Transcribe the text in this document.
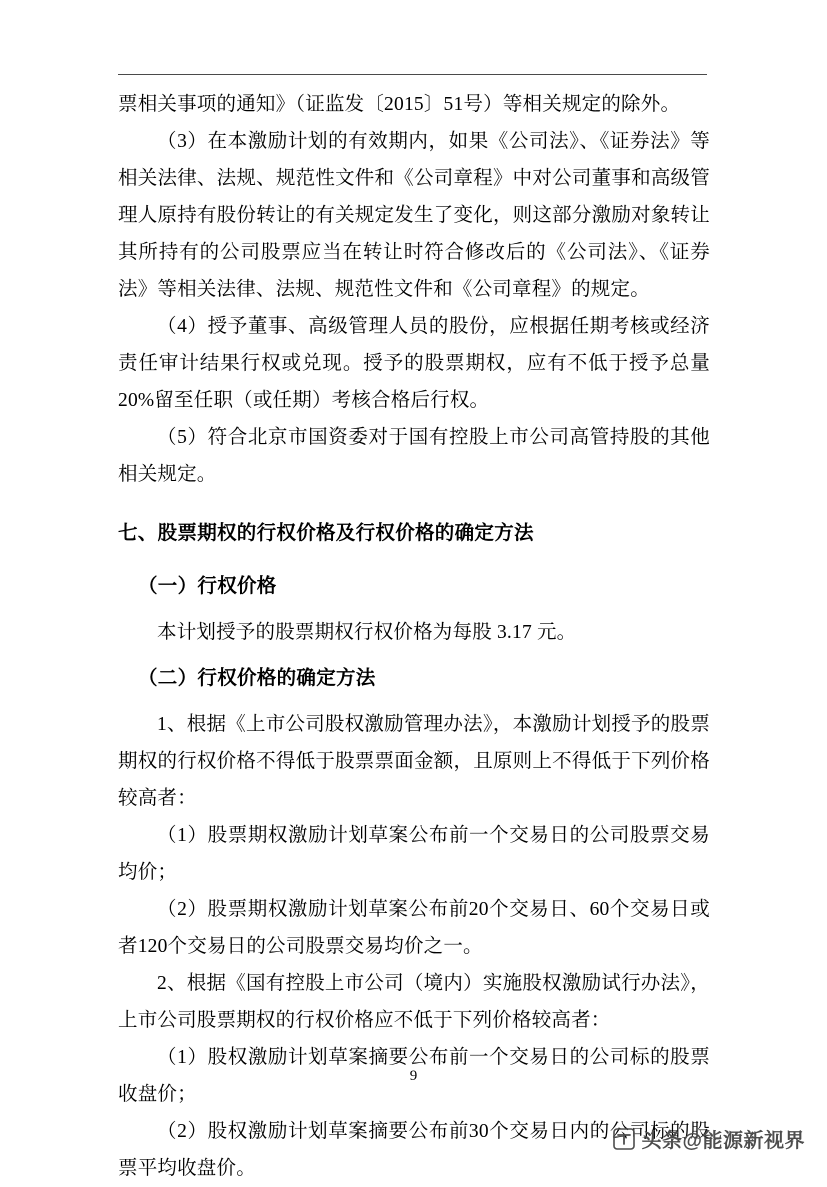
票相关事项的通知》（证监发〔2015〕51号）等相关规定的除外。

（3）在本激励计划的有效期内，如果《公司法》、《证券法》等相关法律、法规、规范性文件和《公司章程》中对公司董事和高级管理人原持有股份转让的有关规定发生了变化，则这部分激励对象转让其所持有的公司股票应当在转让时符合修改后的《公司法》、《证券法》等相关法律、法规、规范性文件和《公司章程》的规定。

（4）授予董事、高级管理人员的股份，应根据任期考核或经济责任审计结果行权或兑现。授予的股票期权，应有不低于授予总量20%留至任职（或任期）考核合格后行权。

（5）符合北京市国资委对于国有控股上市公司高管持股的其他相关规定。

七、股票期权的行权价格及行权价格的确定方法

（一）行权价格

本计划授予的股票期权行权价格为每股 3.17 元。

（二）行权价格的确定方法

1、根据《上市公司股权激励管理办法》，本激励计划授予的股票期权的行权价格不得低于股票票面金额，且原则上不得低于下列价格较高者：

（1）股票期权激励计划草案公布前一个交易日的公司股票交易均价；

（2）股票期权激励计划草案公布前20个交易日、60个交易日或者120个交易日的公司股票交易均价之一。

2、根据《国有控股上市公司（境内）实施股权激励试行办法》，上市公司股票期权的行权价格应不低于下列价格较高者：

（1）股权激励计划草案摘要公布前一个交易日的公司标的股票收盘价；

（2）股权激励计划草案摘要公布前30个交易日内的公司标的股票平均收盘价。

9
头条@能源新视界
